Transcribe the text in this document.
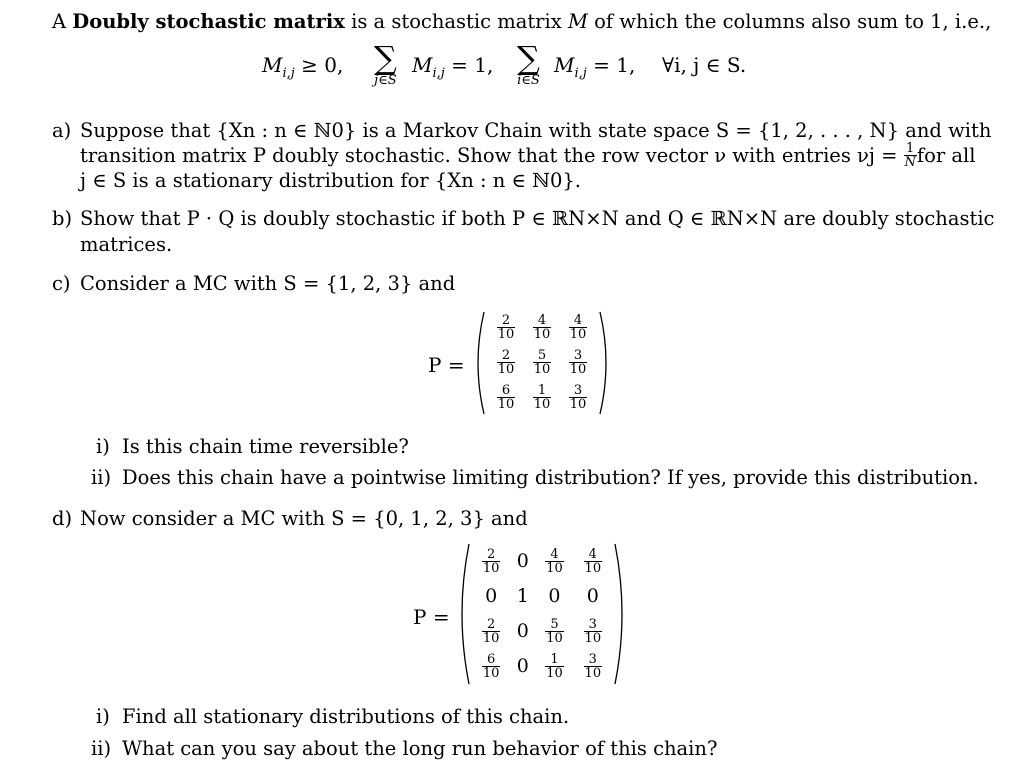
A Doubly stochastic matrix is a stochastic matrix M of which the columns also sum to 1, i.e.,
$M_{i,j} \ge 0$, ∑
j∈S
$M_{i,j} = 1$, ∑
i∈S
$M_{i,j} = 1$, ∀i, j ∈ S.
a) Suppose that {Xn : n ∈ ℕ0} is a Markov Chain with state space S = {1, 2, . . . , N} and with
transition matrix P doubly stochastic. Show that the row vector ν with entries $\nu j = \frac{1}{N}$ for all
j ∈ S is a stationary distribution for {Xn : n ∈ ℕ0}.
b) Show that P · Q is doubly stochastic if both P ∈ ℝN×N and Q ∈ ℝN×N are doubly stochastic
matrices.
c) Consider a MC with S = {1, 2, 3} and
P =
$\frac{2}{10}$	$\frac{4}{10}$	$\frac{4}{10}$

$\frac{2}{10}$	$\frac{5}{10}$	$\frac{3}{10}$

$\frac{6}{10}$	$\frac{1}{10}$	$\frac{3}{10}$
i) Is this chain time reversible?
ii) Does this chain have a pointwise limiting distribution? If yes, provide this distribution.
d) Now consider a MC with S = {0, 1, 2, 3} and
P =
$\frac{2}{10}$	0	$\frac{4}{10}$	$\frac{4}{10}$

0	1	0	0

$\frac{2}{10}$	0	$\frac{5}{10}$	$\frac{3}{10}$

$\frac{6}{10}$	0	$\frac{1}{10}$	$\frac{3}{10}$
i) Find all stationary distributions of this chain.
ii) What can you say about the long run behavior of this chain?
